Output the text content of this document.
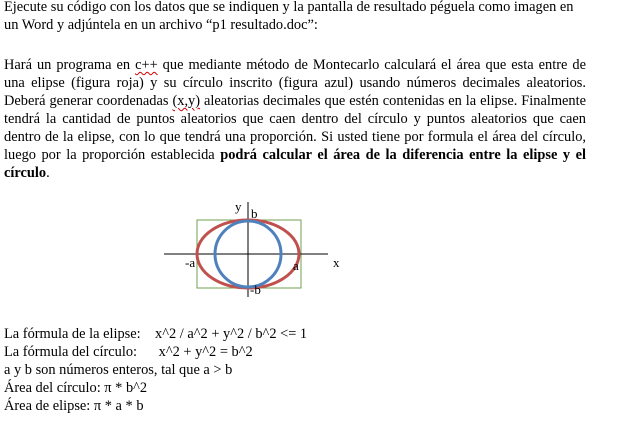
Ejecute su código con los datos que se indiquen y la pantalla de resultado péguela como imagen en un Word y adjúntela en un archivo “p1 resultado.doc”:

Hará un programa en c++ que mediante método de Montecarlo calculará el área que esta entre de una elipse (figura roja) y su círculo inscrito (figura azul) usando números decimales aleatorios. Deberá generar coordenadas (x,y) aleatorias decimales que estén contenidas en la elipse. Finalmente tendrá la cantidad de puntos aleatorios que caen dentro del círculo y puntos aleatorios que caen dentro de la elipse, con lo que tendrá una proporción. Si usted tiene por formula el área del círculo, luego por la proporción establecida podrá calcular el área de la diferencia entre la elipse y el círculo.

y b
-a	a	x
-b
La fórmula de la elipse:    x^2 / a^2 + y^2 / b^2 <= 1
La fórmula del círculo:      x^2 + y^2 = b^2
a y b son números enteros, tal que a > b
Área del círculo: π * b^2
Área de elipse: π * a * b
